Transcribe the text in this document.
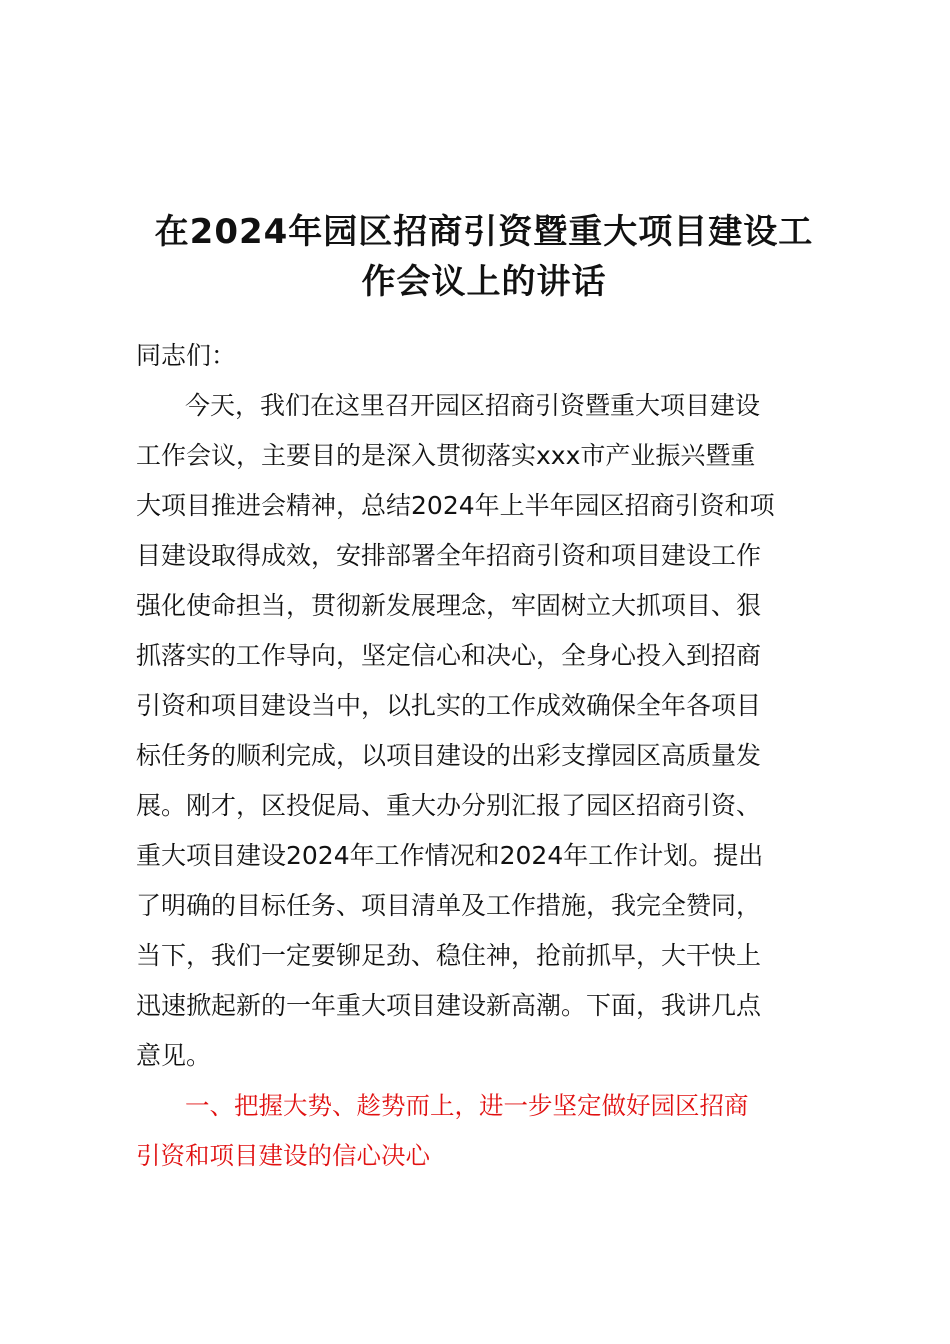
在2024年园区招商引资暨重大项目建设工
作会议上的讲话

同志们：

今天，我们在这里召开园区招商引资暨重大项目建设

工作会议，主要目的是深入贯彻落实xxx市产业振兴暨重

大项目推进会精神，总结2024年上半年园区招商引资和项

目建设取得成效，安排部署全年招商引资和项目建设工作

强化使命担当，贯彻新发展理念，牢固树立大抓项目、狠

抓落实的工作导向，坚定信心和决心，全身心投入到招商

引资和项目建设当中，以扎实的工作成效确保全年各项目

标任务的顺利完成，以项目建设的出彩支撑园区高质量发

展。刚才，区投促局、重大办分别汇报了园区招商引资、

重大项目建设2024年工作情况和2024年工作计划。提出

了明确的目标任务、项目清单及工作措施，我完全赞同，

当下，我们一定要铆足劲、稳住神，抢前抓早，大干快上

迅速掀起新的一年重大项目建设新高潮。下面，我讲几点

意见。

一、把握大势、趁势而上，进一步坚定做好园区招商

引资和项目建设的信心决心
